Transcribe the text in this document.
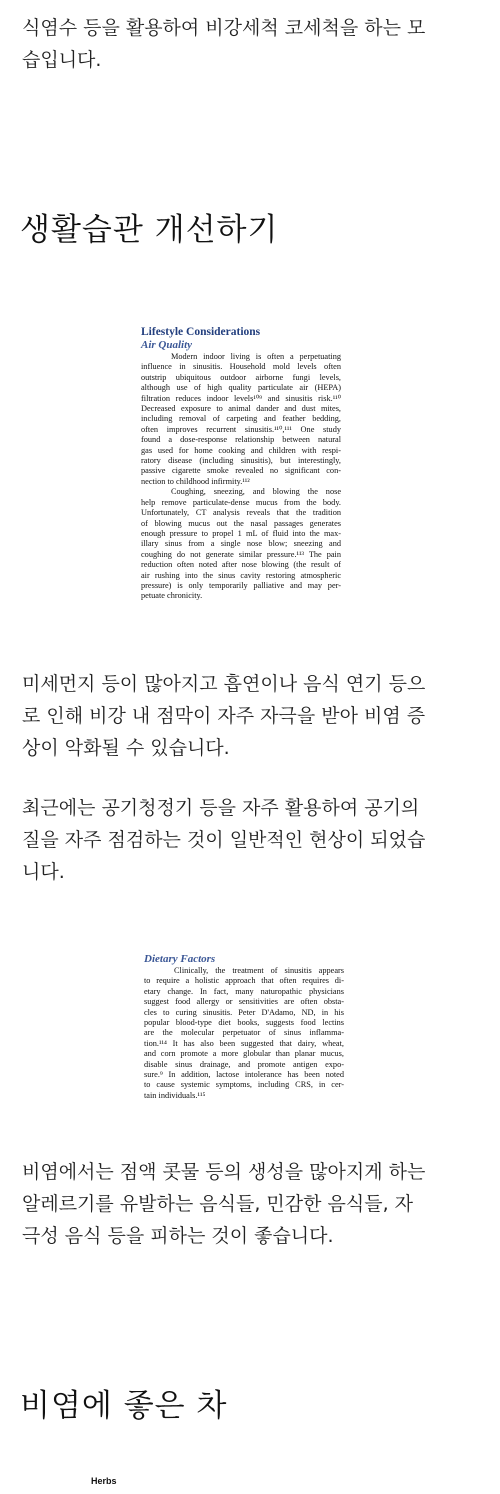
식염수 등을 활용하여 비강세척 코세척을 하는 모
습입니다.
생활습관 개선하기
Lifestyle Considerations
Air Quality
Modern indoor living is often a perpetuating
influence in sinusitis. Household mold levels often
outstrip ubiquitous outdoor airborne fungi levels,
although use of high quality particulate air (HEPA)
filtration reduces indoor levels¹⁰⁹ and sinusitis risk.¹¹⁰
Decreased exposure to animal dander and dust mites,
including removal of carpeting and feather bedding,
often improves recurrent sinusitis.¹¹⁰,¹¹¹ One study
found a dose-response relationship between natural
gas used for home cooking and children with respi-
ratory disease (including sinusitis), but interestingly,
passive cigarette smoke revealed no significant con-
nection to childhood infirmity.¹¹²
Coughing, sneezing, and blowing the nose
help remove particulate-dense mucus from the body.
Unfortunately, CT analysis reveals that the tradition
of blowing mucus out the nasal passages generates
enough pressure to propel 1 mL of fluid into the max-
illary sinus from a single nose blow; sneezing and
coughing do not generate similar pressure.¹¹³ The pain
reduction often noted after nose blowing (the result of
air rushing into the sinus cavity restoring atmospheric
pressure) is only temporarily palliative and may per-
petuate chronicity.
미세먼지 등이 많아지고 흡연이나 음식 연기 등으
로 인해 비강 내 점막이 자주 자극을 받아 비염 증
상이 악화될 수 있습니다.
최근에는 공기청정기 등을 자주 활용하여 공기의
질을 자주 점검하는 것이 일반적인 현상이 되었습
니다.
Dietary Factors
Clinically, the treatment of sinusitis appears
to require a holistic approach that often requires di-
etary change. In fact, many naturopathic physicians
suggest food allergy or sensitivities are often obsta-
cles to curing sinusitis. Peter D'Adamo, ND, in his
popular blood-type diet books, suggests food lectins
are the molecular perpetuator of sinus inflamma-
tion.¹¹⁴ It has also been suggested that dairy, wheat,
and corn promote a more globular than planar mucus,
disable sinus drainage, and promote antigen expo-
sure.⁹ In addition, lactose intolerance has been noted
to cause systemic symptoms, including CRS, in cer-
tain individuals.¹¹⁵
비염에서는 점액 콧물 등의 생성을 많아지게 하는
알레르기를 유발하는 음식들, 민감한 음식들, 자
극성 음식 등을 피하는 것이 좋습니다.
비염에 좋은 차
Herbs
